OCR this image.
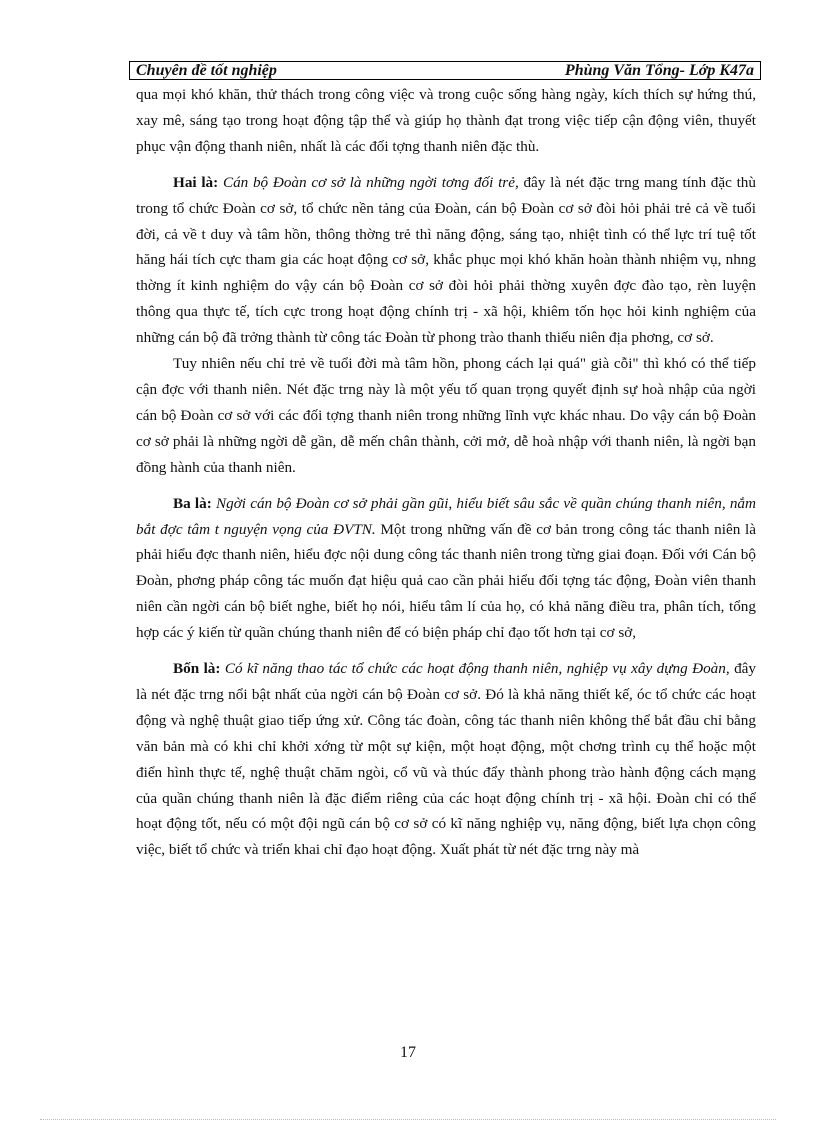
Chuyên đề tốt nghiệp	Phùng Văn Tổng- Lớp K47a

qua mọi khó khăn, thử thách trong công việc và trong cuộc sống hàng ngày, kích thích sự hứng thú, xay mê, sáng tạo trong hoạt động tập thể và giúp họ thành đạt trong việc tiếp cận động viên, thuyết phục vận động thanh niên, nhất là các đối tợng thanh niên đặc thù.

Hai là: Cán bộ Đoàn cơ sở là những ngời tơng đối trẻ, đây là nét đặc trng mang tính đặc thù trong tổ chức Đoàn cơ sở, tổ chức nền tảng của Đoàn, cán bộ Đoàn cơ sở đòi hỏi phải trẻ cả về tuổi đời, cả về t duy và tâm hồn, thông thờng trẻ thì năng động, sáng tạo, nhiệt tình có thể lực trí tuệ tốt hăng hái tích cực tham gia các hoạt động cơ sở, khắc phục mọi khó khăn hoàn thành nhiệm vụ, nhng thờng ít kinh nghiệm do vậy cán bộ Đoàn cơ sở đòi hỏi phải thờng xuyên đợc đào tạo, rèn luyện thông qua thực tế, tích cực trong hoạt động chính trị - xã hội, khiêm tốn học hỏi kinh nghiệm của những cán bộ đã trởng thành từ công tác Đoàn từ phong trào thanh thiếu niên địa phơng, cơ sở.

Tuy nhiên nếu chỉ trẻ về tuổi đời mà tâm hồn, phong cách lại quá" già cỗi" thì khó có thể tiếp cận đợc với thanh niên. Nét đặc trng này là một yếu tố quan trọng quyết định sự hoà nhập của ngời cán bộ Đoàn cơ sở với các đối tợng thanh niên trong những lĩnh vực khác nhau. Do vậy cán bộ Đoàn cơ sở phải là những ngời dễ gần, dễ mến chân thành, cởi mở, dễ hoà nhập với thanh niên, là ngời bạn đồng hành của thanh niên.

Ba là: Ngời cán bộ Đoàn cơ sở phải gần gũi, hiểu biết sâu sắc về quần chúng thanh niên, nắm bắt đợc tâm t nguyện vọng của ĐVTN. Một trong những vấn đề cơ bản trong công tác thanh niên là phải hiểu đợc thanh niên, hiểu đợc nội dung công tác thanh niên trong từng giai đoạn. Đối với Cán bộ Đoàn, phơng pháp công tác muốn đạt hiệu quả cao cần phải hiểu đối tợng tác động, Đoàn viên thanh niên cần ngời cán bộ biết nghe, biết họ nói, hiểu tâm lí của họ, có khả năng điều tra, phân tích, tổng hợp các ý kiến từ quần chúng thanh niên để có biện pháp chỉ đạo tốt hơn tại cơ sở,

Bốn là: Có kĩ năng thao tác tổ chức các hoạt động thanh niên, nghiệp vụ xây dựng Đoàn, đây là nét đặc trng nổi bật nhất của ngời cán bộ Đoàn cơ sở. Đó là khả năng thiết kế, óc tổ chức các hoạt động và nghệ thuật giao tiếp ứng xử. Công tác đoàn, công tác thanh niên không thể bắt đầu chỉ bằng văn bản mà có khi chỉ khởi xớng từ một sự kiện, một hoạt động, một chơng trình cụ thể hoặc một điển hình thực tế, nghệ thuật chăm ngòi, cổ vũ và thúc đẩy thành phong trào hành động cách mạng của quần chúng thanh niên là đặc điểm riêng của các hoạt động chính trị - xã hội. Đoàn chỉ có thể hoạt động tốt, nếu có một đội ngũ cán bộ cơ sở có kĩ năng nghiệp vụ, năng động, biết lựa chọn công việc, biết tổ chức và triển khai chỉ đạo hoạt động. Xuất phát từ nét đặc trng này mà

17
